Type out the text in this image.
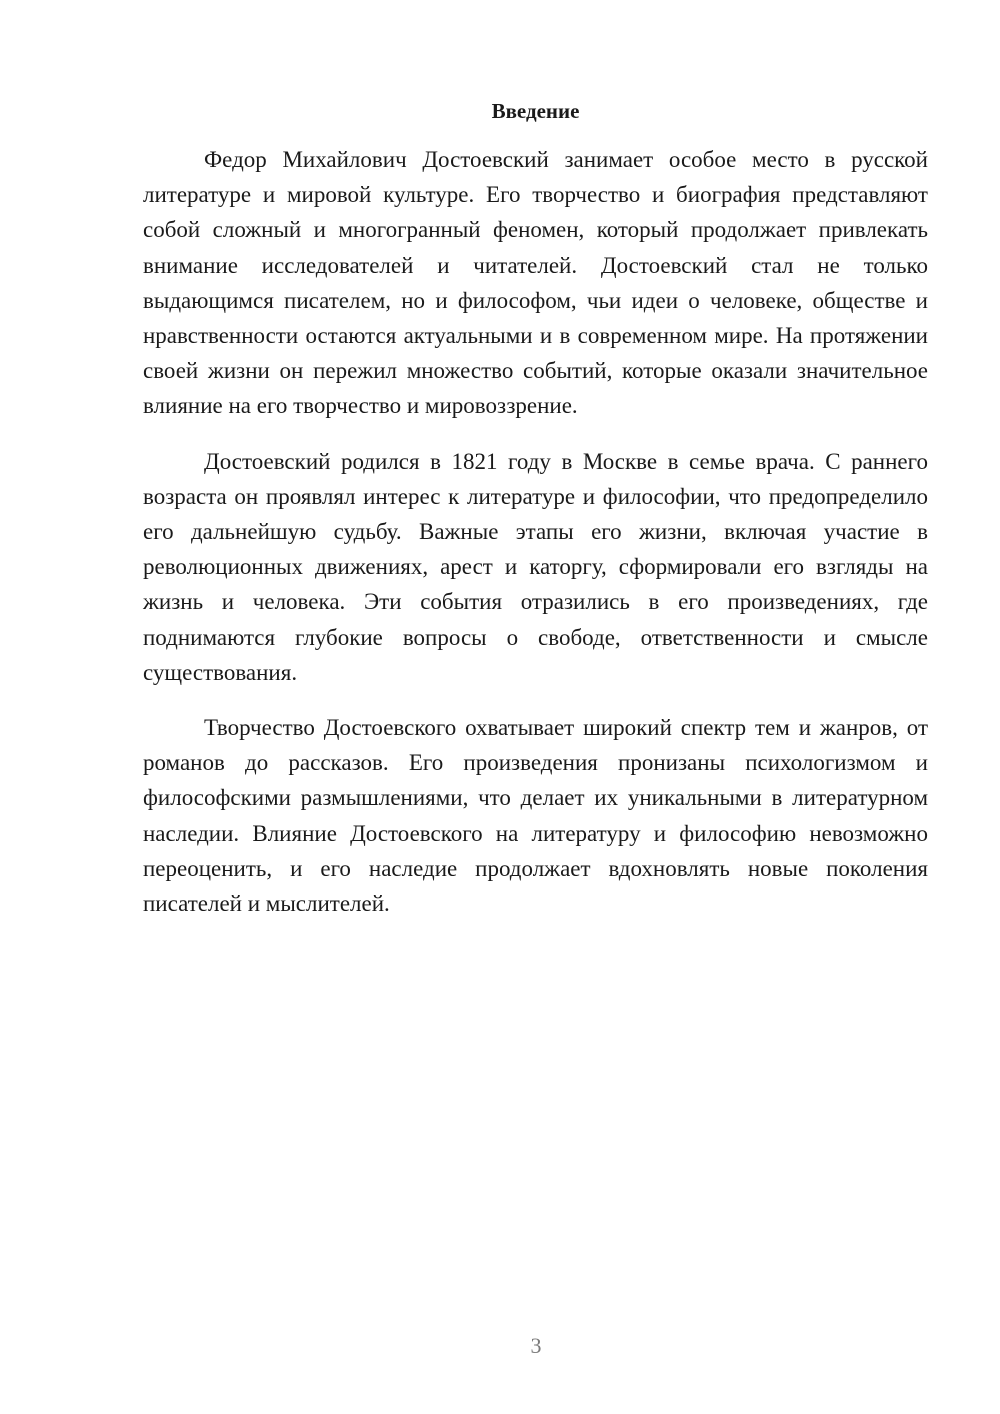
Введение

Федор Михайлович Достоевский занимает особое место в русской литературе и мировой культуре. Его творчество и биография представляют собой сложный и многогранный феномен, который продолжает привлекать внимание исследователей и читателей. Достоевский стал не только выдающимся писателем, но и философом, чьи идеи о человеке, обществе и нравственности остаются актуальными и в современном мире. На протяжении своей жизни он пережил множество событий, которые оказали значительное влияние на его творчество и мировоззрение.

Достоевский родился в 1821 году в Москве в семье врача. С раннего возраста он проявлял интерес к литературе и философии, что предопределило его дальнейшую судьбу. Важные этапы его жизни, включая участие в революционных движениях, арест и каторгу, сформировали его взгляды на жизнь и человека. Эти события отразились в его произведениях, где поднимаются глубокие вопросы о свободе, ответственности и смысле существования.

Творчество Достоевского охватывает широкий спектр тем и жанров, от романов до рассказов. Его произведения пронизаны психологизмом и философскими размышлениями, что делает их уникальными в литературном наследии. Влияние Достоевского на литературу и философию невозможно переоценить, и его наследие продолжает вдохновлять новые поколения писателей и мыслителей.

3
